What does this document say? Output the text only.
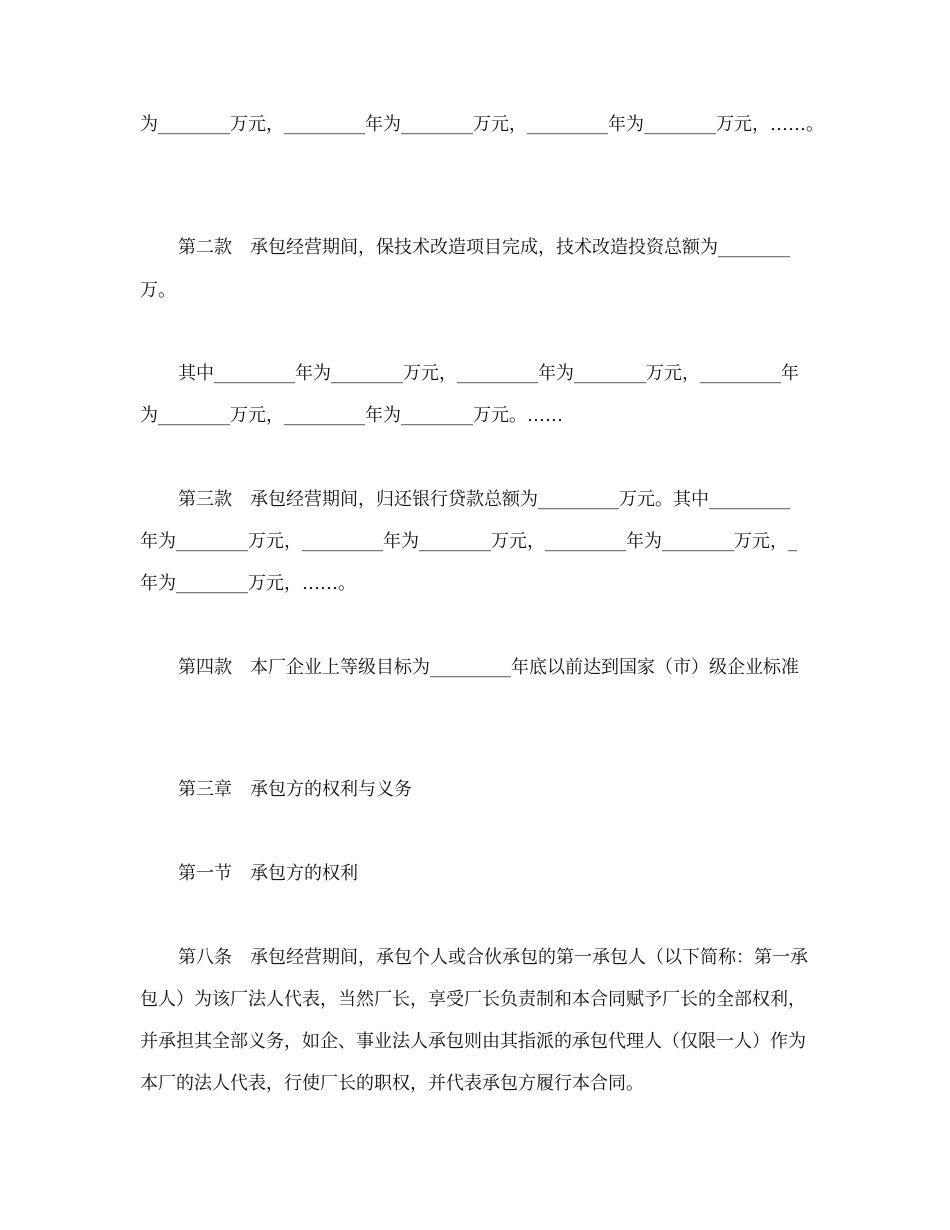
为________万元，_________年为________万元，_________年为________万元，……。
第二款　承包经营期间，保技术改造项目完成，技术改造投资总额为________
万。
其中_________年为________万元，_________年为________万元，_________年
为________万元，_________年为________万元。……
第三款　承包经营期间，归还银行贷款总额为_________万元。其中_________
年为________万元，_________年为________万元，_________年为________万元，_
年为________万元，……。
第四款　本厂企业上等级目标为_________年底以前达到国家（市）级企业标准
第三章　承包方的权利与义务
第一节　承包方的权利
第八条　承包经营期间，承包个人或合伙承包的第一承包人（以下简称：第一承
包人）为该厂法人代表，当然厂长，享受厂长负责制和本合同赋予厂长的全部权利，
并承担其全部义务，如企、事业法人承包则由其指派的承包代理人（仅限一人）作为
本厂的法人代表，行使厂长的职权，并代表承包方履行本合同。
